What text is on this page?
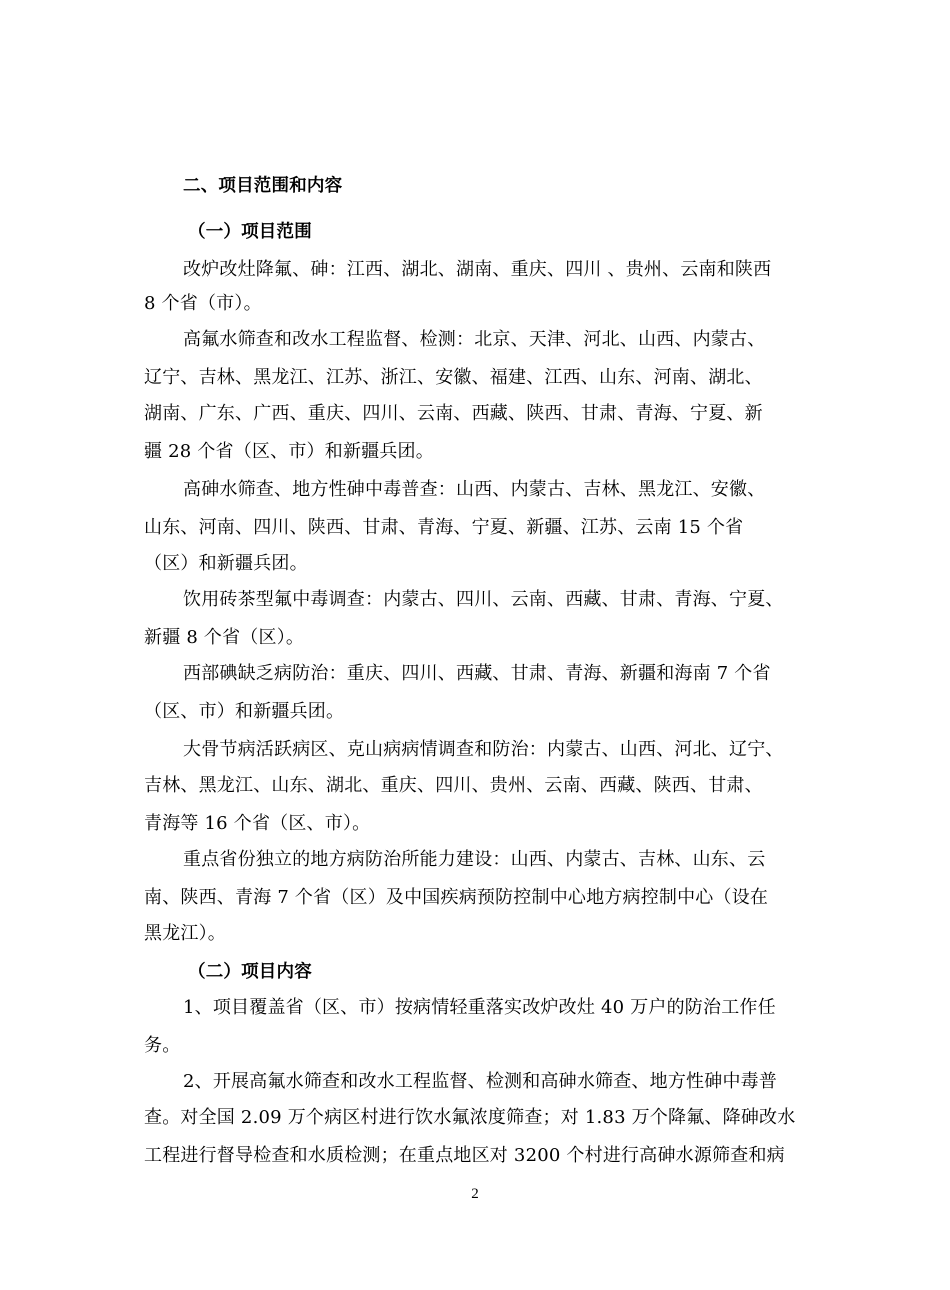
二、项目范围和内容
（一）项目范围
改炉改灶降氟、砷：江西、湖北、湖南、重庆、四川 、贵州、云南和陕西
8 个省（市）。
高氟水筛查和改水工程监督、检测：北京、天津、河北、山西、内蒙古、
辽宁、吉林、黑龙江、江苏、浙江、安徽、福建、江西、山东、河南、湖北、
湖南、广东、广西、重庆、四川、云南、西藏、陕西、甘肃、青海、宁夏、新
疆 28 个省（区、市）和新疆兵团。
高砷水筛查、地方性砷中毒普查：山西、内蒙古、吉林、黑龙江、安徽、
山东、河南、四川、陕西、甘肃、青海、宁夏、新疆、江苏、云南 15 个省
（区）和新疆兵团。
饮用砖茶型氟中毒调查：内蒙古、四川、云南、西藏、甘肃、青海、宁夏、
新疆 8 个省（区）。
西部碘缺乏病防治：重庆、四川、西藏、甘肃、青海、新疆和海南 7 个省
（区、市）和新疆兵团。
大骨节病活跃病区、克山病病情调查和防治：内蒙古、山西、河北、辽宁、
吉林、黑龙江、山东、湖北、重庆、四川、贵州、云南、西藏、陕西、甘肃、
青海等 16 个省（区、市）。
重点省份独立的地方病防治所能力建设：山西、内蒙古、吉林、山东、云
南、陕西、青海 7 个省（区）及中国疾病预防控制中心地方病控制中心（设在
黑龙江）。
（二）项目内容
1、项目覆盖省（区、市）按病情轻重落实改炉改灶 40 万户的防治工作任
务。
2、开展高氟水筛查和改水工程监督、检测和高砷水筛查、地方性砷中毒普
查。对全国 2.09 万个病区村进行饮水氟浓度筛查；对 1.83 万个降氟、降砷改水
工程进行督导检查和水质检测；在重点地区对 3200 个村进行高砷水源筛查和病
2
